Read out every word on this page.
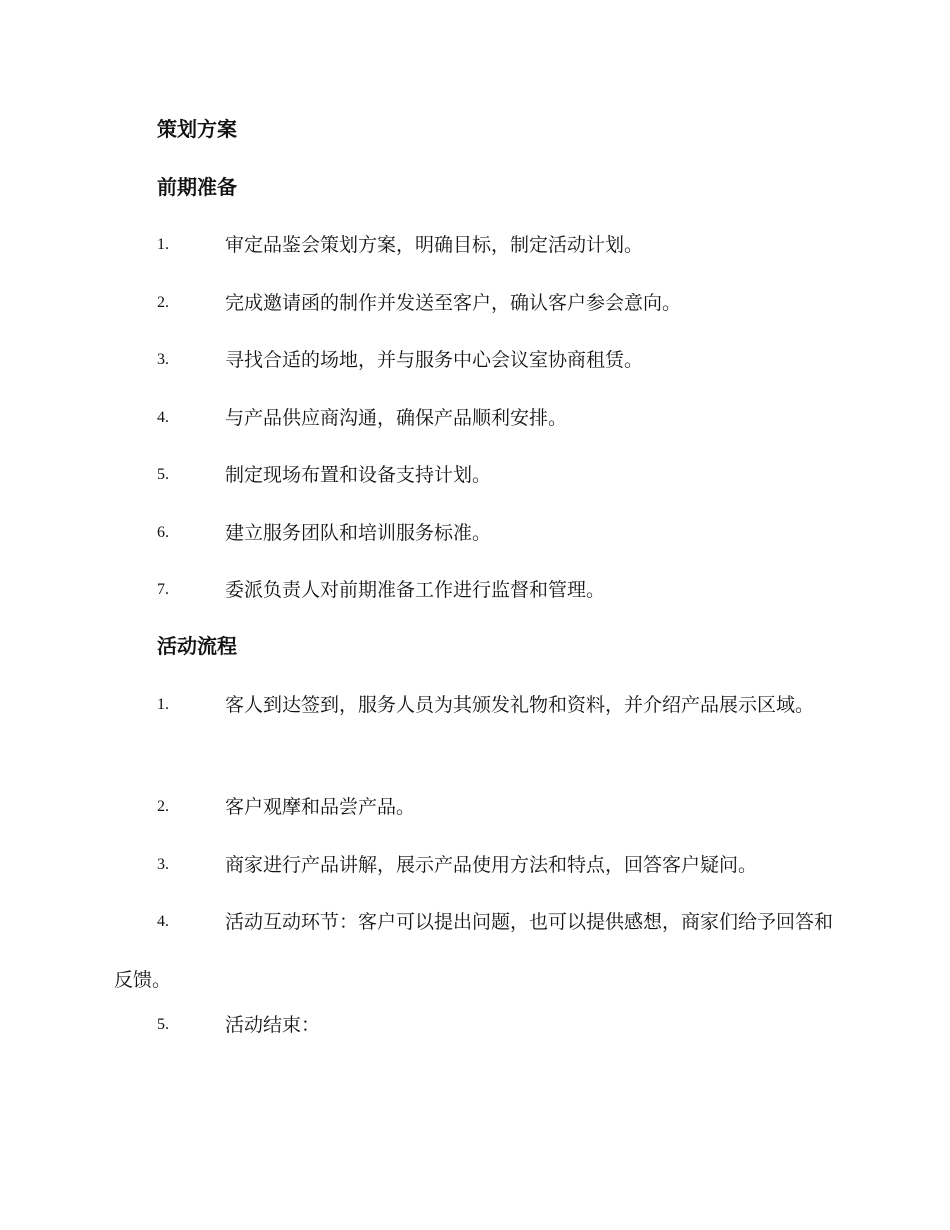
策划方案
前期准备
1.	审定品鉴会策划方案，明确目标，制定活动计划。
2.	完成邀请函的制作并发送至客户，确认客户参会意向。
3.	寻找合适的场地，并与服务中心会议室协商租赁。
4.	与产品供应商沟通，确保产品顺利安排。
5.	制定现场布置和设备支持计划。
6.	建立服务团队和培训服务标准。
7.	委派负责人对前期准备工作进行监督和管理。
活动流程
1.	客人到达签到，服务人员为其颁发礼物和资料，并介绍产品展示区域。
2.	客户观摩和品尝产品。
3.	商家进行产品讲解，展示产品使用方法和特点，回答客户疑问。
4.	活动互动环节：客户可以提出问题，也可以提供感想，商家们给予回答和反馈。
5.	活动结束：
